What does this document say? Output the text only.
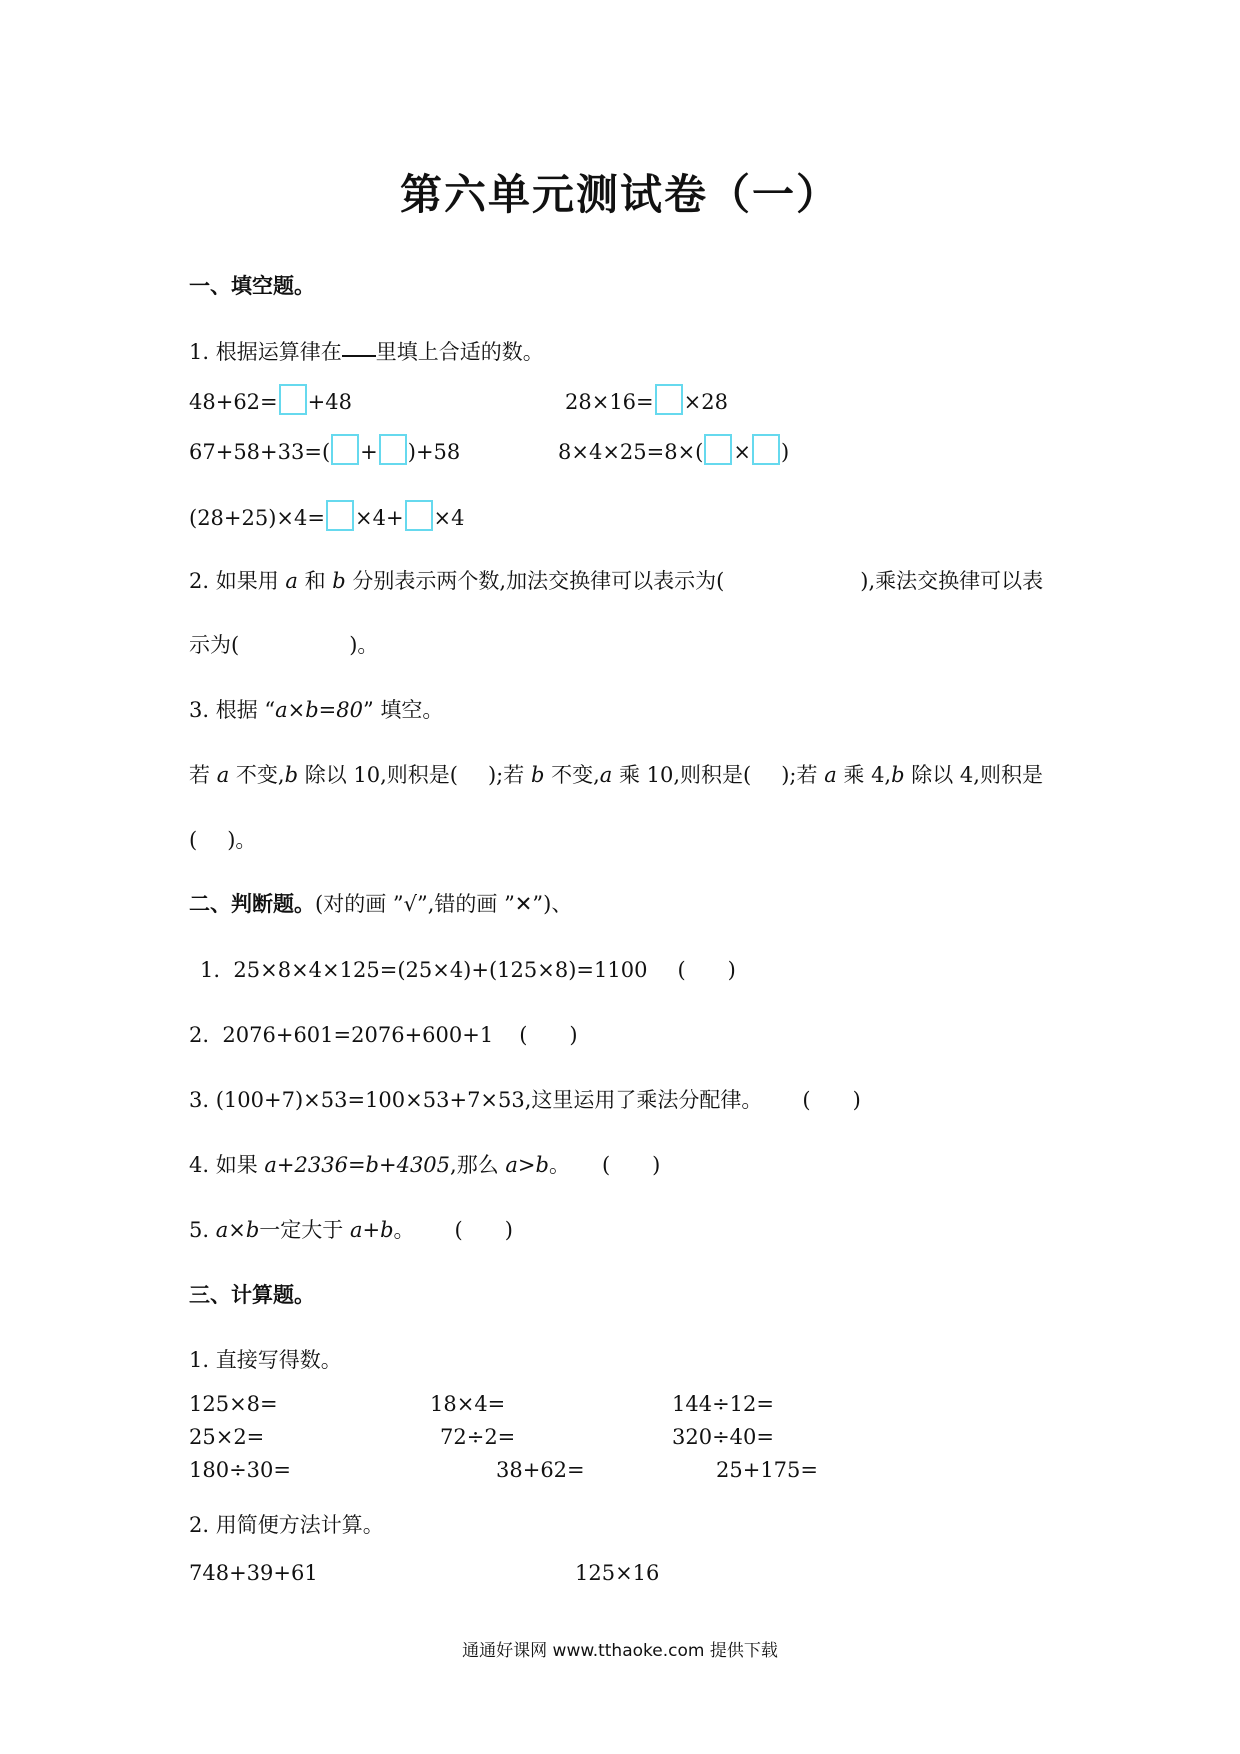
第六单元测试卷（一）
一、填空题。
1. 根据运算律在 里填上合适的数。
48+62= +48	28×16= ×28
67+58+33=( + )+58	8×4×25=8×( × )
(28+25)×4= ×4+ ×4
2. 如果用 a 和 b 分别表示两个数,加法交换律可以表示为(	),乘法交换律可以表
示为(	)。
3. 根据 “a×b=80” 填空。
若 a 不变,b 除以 10,则积是( );若 b 不变,a 乘 10,则积是( );若 a 乘 4,b 除以 4,则积是
( )。
二、判断题。(对的画 ”√”,错的画 ”✕”)、
1. 25×8×4×125=(25×4)+(125×8)=1100 (　　)
2. 2076+601=2076+600+1 (　　)
3. (100+7)×53=100×53+7×53,这里运用了乘法分配律。 (　　)
4. 如果 a+2336=b+4305,那么 a>b。 (　　)
5. a×b一定大于 a+b。 (　　)
三、计算题。
1. 直接写得数。
125×8=	18×4=	144÷12=
25×2=	72÷2=	320÷40=
180÷30=	38+62=	25+175=
2. 用简便方法计算。
748+39+61	125×16
通通好课网 www.tthaoke.com 提供下载
